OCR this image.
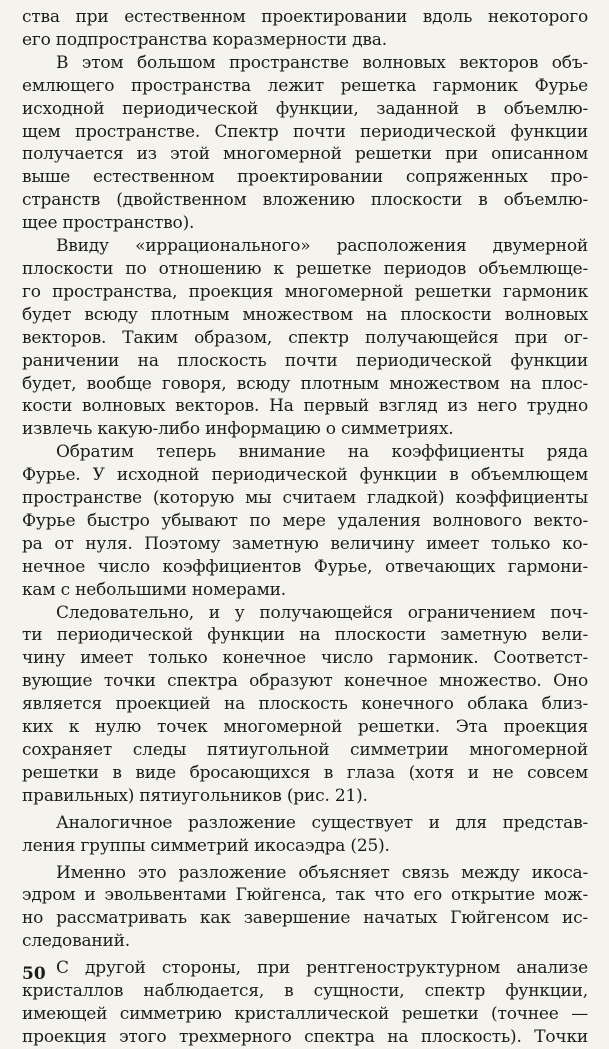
ства при естественном проектировании вдоль некоторого
его подпространства коразмерности два.
В этом большом пространстве волновых векторов объ-
емлющего пространства лежит решетка гармоник Фурье
исходной периодической функции, заданной в объемлю-
щем пространстве. Спектр почти периодической функции
получается из этой многомерной решетки при описанном
выше естественном проектировании сопряженных про-
странств (двойственном вложению плоскости в объемлю-
щее пространство).
Ввиду «иррационального» расположения двумерной
плоскости по отношению к решетке периодов объемлюще-
го пространства, проекция многомерной решетки гармоник
будет всюду плотным множеством на плоскости волновых
векторов. Таким образом, спектр получающейся при ог-
раничении на плоскость почти периодической функции
будет, вообще говоря, всюду плотным множеством на плос-
кости волновых векторов. На первый взгляд из него трудно
извлечь какую-либо информацию о симметриях.
Обратим теперь внимание на коэффициенты ряда
Фурье. У исходной периодической функции в объемлющем
пространстве (которую мы считаем гладкой) коэффициенты
Фурье быстро убывают по мере удаления волнового векто-
ра от нуля. Поэтому заметную величину имеет только ко-
нечное число коэффициентов Фурье, отвечающих гармони-
кам с небольшими номерами.
Следовательно, и у получающейся ограничением поч-
ти периодической функции на плоскости заметную вели-
чину имеет только конечное число гармоник. Соответст-
вующие точки спектра образуют конечное множество. Оно
является проекцией на плоскость конечного облака близ-
ких к нулю точек многомерной решетки. Эта проекция
сохраняет следы пятиугольной симметрии многомерной
решетки в виде бросающихся в глаза (хотя и не совсем
правильных) пятиугольников (рис. 21).
Аналогичное разложение существует и для представ-
ления группы симметрий икосаэдра (25).
Именно это разложение объясняет связь между икоса-
эдром и эвольвентами Гюйгенса, так что его открытие мож-
но рассматривать как завершение начатых Гюйгенсом ис-
следований.
С другой стороны, при рентгеноструктурном анализе
кристаллов наблюдается, в сущности, спектр функции,
имеющей симметрию кристаллической решетки (точнее —
проекция этого трехмерного спектра на плоскость). Точки
50
